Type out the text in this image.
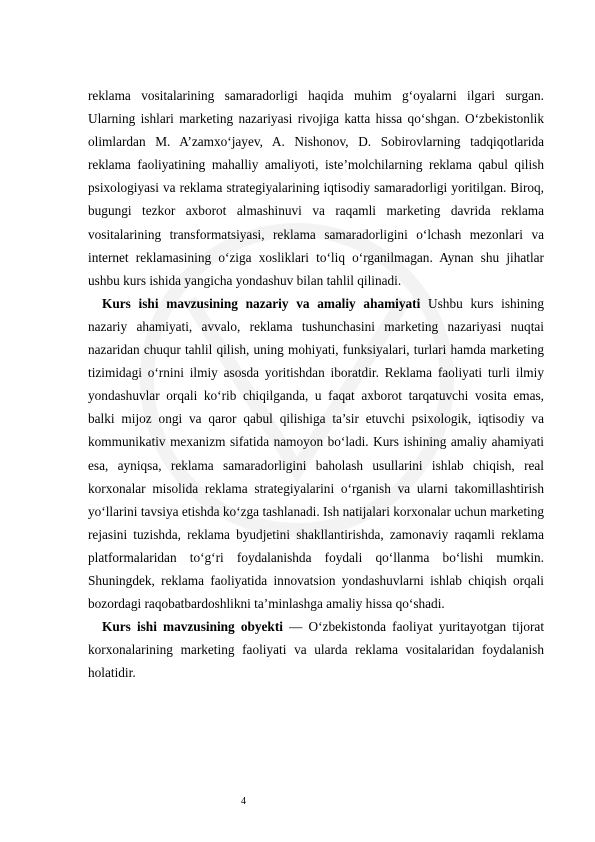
reklama vositalarining samaradorligi haqida muhim g‘oyalarni ilgari surgan. Ularning ishlari marketing nazariyasi rivojiga katta hissa qo‘shgan. O‘zbekistonlik olimlardan M. A’zamxo‘jayev, A. Nishonov, D. Sobirovlarning tadqiqotlarida reklama faoliyatining mahalliy amaliyoti, iste’molchilarning reklama qabul qilish psixologiyasi va reklama strategiyalarining iqtisodiy samaradorligi yoritilgan. Biroq, bugungi tezkor axborot almashinuvi va raqamli marketing davrida reklama vositalarining transformatsiyasi, reklama samaradorligini o‘lchash mezonlari va internet reklamasining o‘ziga xosliklari to‘liq o‘rganilmagan. Aynan shu jihatlar ushbu kurs ishida yangicha yondashuv bilan tahlil qilinadi.

Kurs ishi mavzusining nazariy va amaliy ahamiyati Ushbu kurs ishining nazariy ahamiyati, avvalo, reklama tushunchasini marketing nazariyasi nuqtai nazaridan chuqur tahlil qilish, uning mohiyati, funksiyalari, turlari hamda marketing tizimidagi o‘rnini ilmiy asosda yoritishdan iboratdir. Reklama faoliyati turli ilmiy yondashuvlar orqali ko‘rib chiqilganda, u faqat axborot tarqatuvchi vosita emas, balki mijoz ongi va qaror qabul qilishiga ta’sir etuvchi psixologik, iqtisodiy va kommunikativ mexanizm sifatida namoyon bo‘ladi. Kurs ishining amaliy ahamiyati esa, ayniqsa, reklama samaradorligini baholash usullarini ishlab chiqish, real korxonalar misolida reklama strategiyalarini o‘rganish va ularni takomillashtirish yo‘llarini tavsiya etishda ko‘zga tashlanadi. Ish natijalari korxonalar uchun marketing rejasini tuzishda, reklama byudjetini shakllantirishda, zamonaviy raqamli reklama platformalaridan to‘g‘ri foydalanishda foydali qo‘llanma bo‘lishi mumkin. Shuningdek, reklama faoliyatida innovatsion yondashuvlarni ishlab chiqish orqali bozordagi raqobatbardoshlikni ta’minlashga amaliy hissa qo‘shadi.

Kurs ishi mavzusining obyekti — O‘zbekistonda faoliyat yuritayotgan tijorat korxonalarining marketing faoliyati va ularda reklama vositalaridan foydalanish holatidir.

4
